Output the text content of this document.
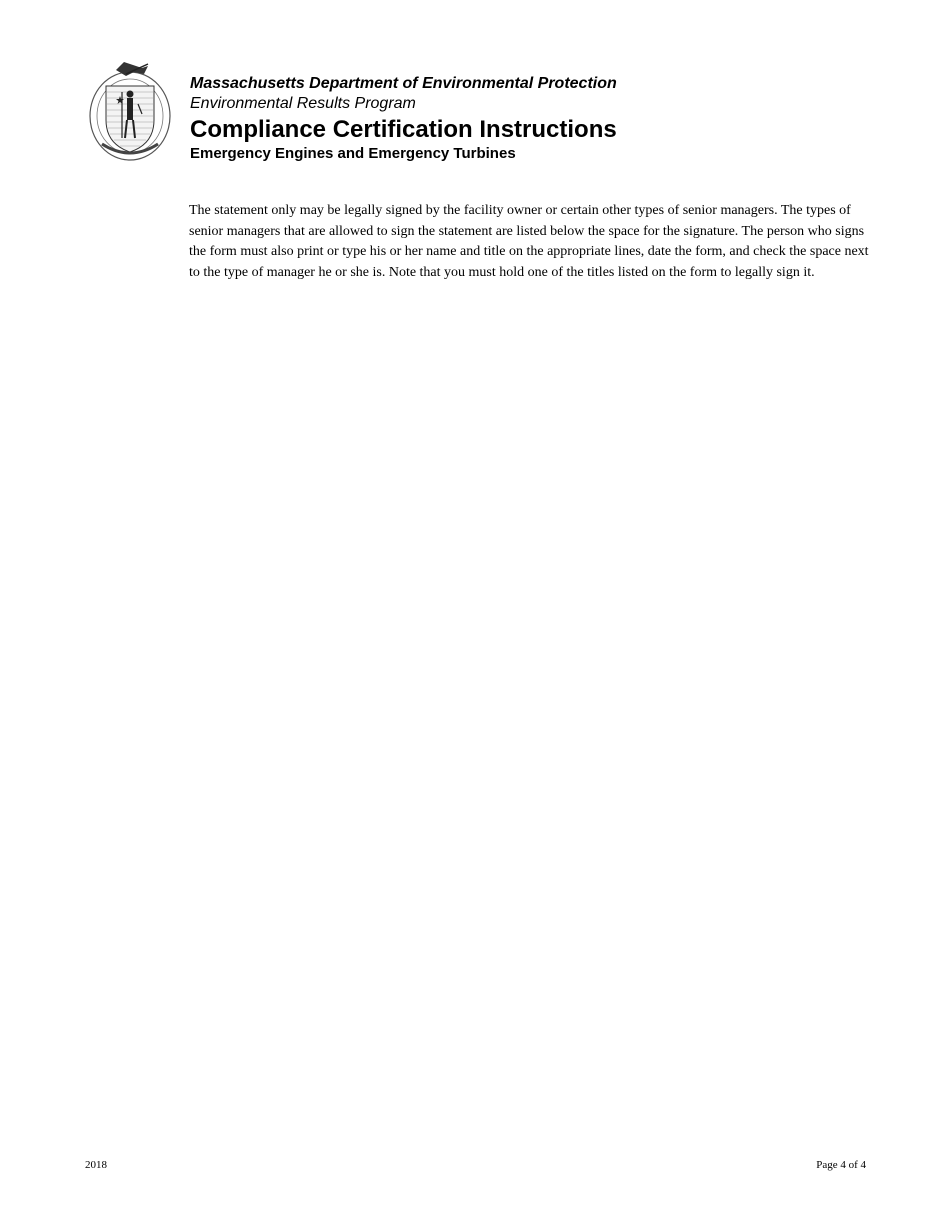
Massachusetts Department of Environmental Protection
Environmental Results Program
Compliance Certification Instructions
Emergency Engines and Emergency Turbines

The statement only may be legally signed by the facility owner or certain other types of senior managers. The types of senior managers that are allowed to sign the statement are listed below the space for the signature. The person who signs the form must also print or type his or her name and title on the appropriate lines, date the form, and check the space next to the type of manager he or she is. Note that you must hold one of the titles listed on the form to legally sign it.

2018	Page 4 of 4
